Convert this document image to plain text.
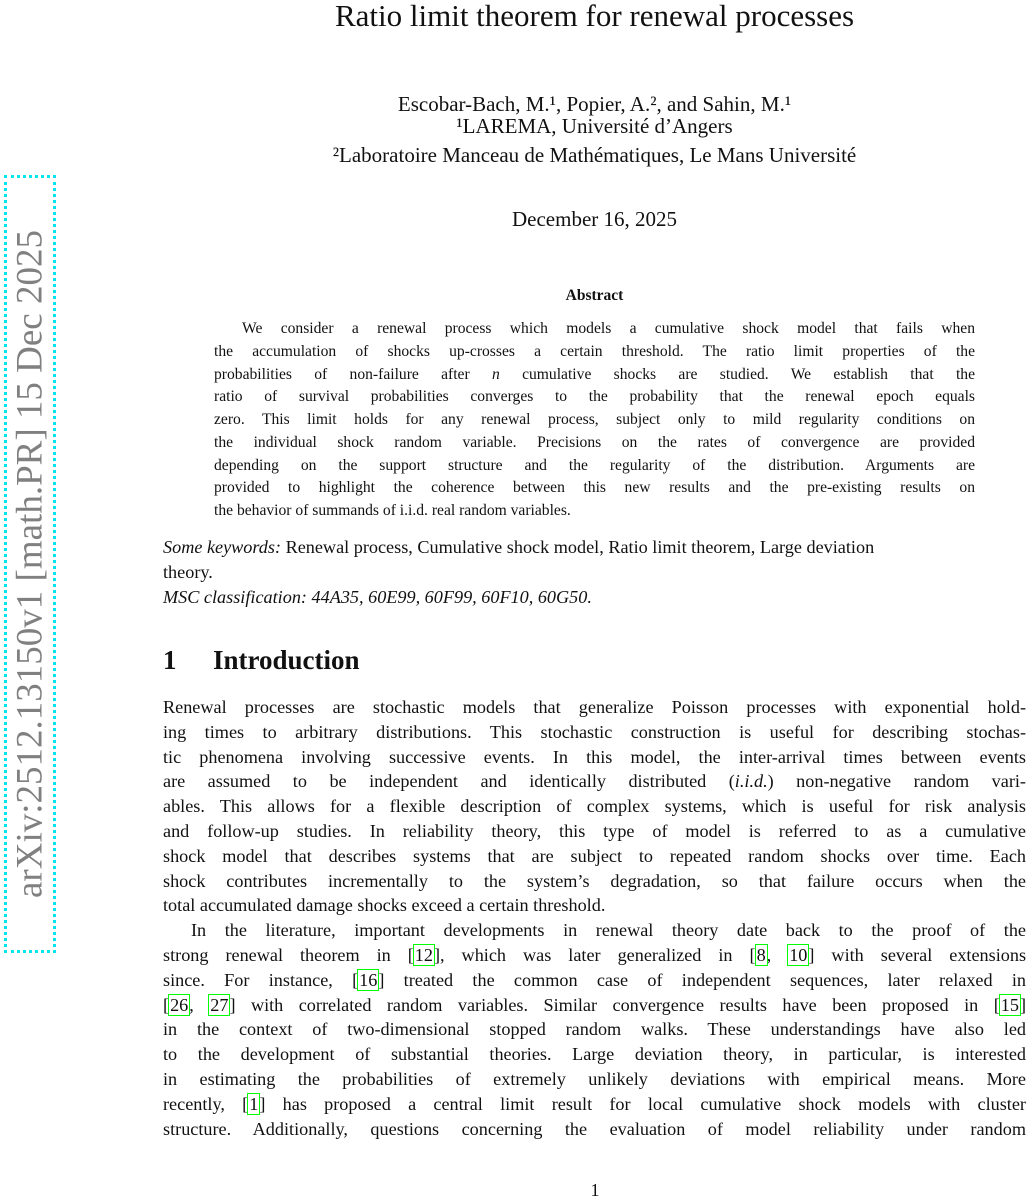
arXiv:2512.13150v1 [math.PR] 15 Dec 2025
Ratio limit theorem for renewal processes
Escobar-Bach, M.¹, Popier, A.², and Sahin, M.¹
¹LAREMA, Université d’Angers
²Laboratoire Manceau de Mathématiques, Le Mans Université
December 16, 2025
Abstract
We consider a renewal process which models a cumulative shock model that fails when
the accumulation of shocks up-crosses a certain threshold. The ratio limit properties of the
probabilities of non-failure after n cumulative shocks are studied. We establish that the
ratio of survival probabilities converges to the probability that the renewal epoch equals
zero. This limit holds for any renewal process, subject only to mild regularity conditions on
the individual shock random variable. Precisions on the rates of convergence are provided
depending on the support structure and the regularity of the distribution. Arguments are
provided to highlight the coherence between this new results and the pre-existing results on
the behavior of summands of i.i.d. real random variables.
Some keywords: Renewal process, Cumulative shock model, Ratio limit theorem, Large deviation
theory.
MSC classification: 44A35, 60E99, 60F99, 60F10, 60G50.
1 Introduction
Renewal processes are stochastic models that generalize Poisson processes with exponential hold-
ing times to arbitrary distributions. This stochastic construction is useful for describing stochas-
tic phenomena involving successive events. In this model, the inter-arrival times between events
are assumed to be independent and identically distributed (i.i.d.) non-negative random vari-
ables. This allows for a flexible description of complex systems, which is useful for risk analysis
and follow-up studies. In reliability theory, this type of model is referred to as a cumulative
shock model that describes systems that are subject to repeated random shocks over time. Each
shock contributes incrementally to the system’s degradation, so that failure occurs when the
total accumulated damage shocks exceed a certain threshold.
In the literature, important developments in renewal theory date back to the proof of the
strong renewal theorem in [12], which was later generalized in [8, 10] with several extensions
since. For instance, [16] treated the common case of independent sequences, later relaxed in
[26, 27] with correlated random variables. Similar convergence results have been proposed in [15]
in the context of two-dimensional stopped random walks. These understandings have also led
to the development of substantial theories. Large deviation theory, in particular, is interested
in estimating the probabilities of extremely unlikely deviations with empirical means. More
recently, [1] has proposed a central limit result for local cumulative shock models with cluster
structure. Additionally, questions concerning the evaluation of model reliability under random
1
